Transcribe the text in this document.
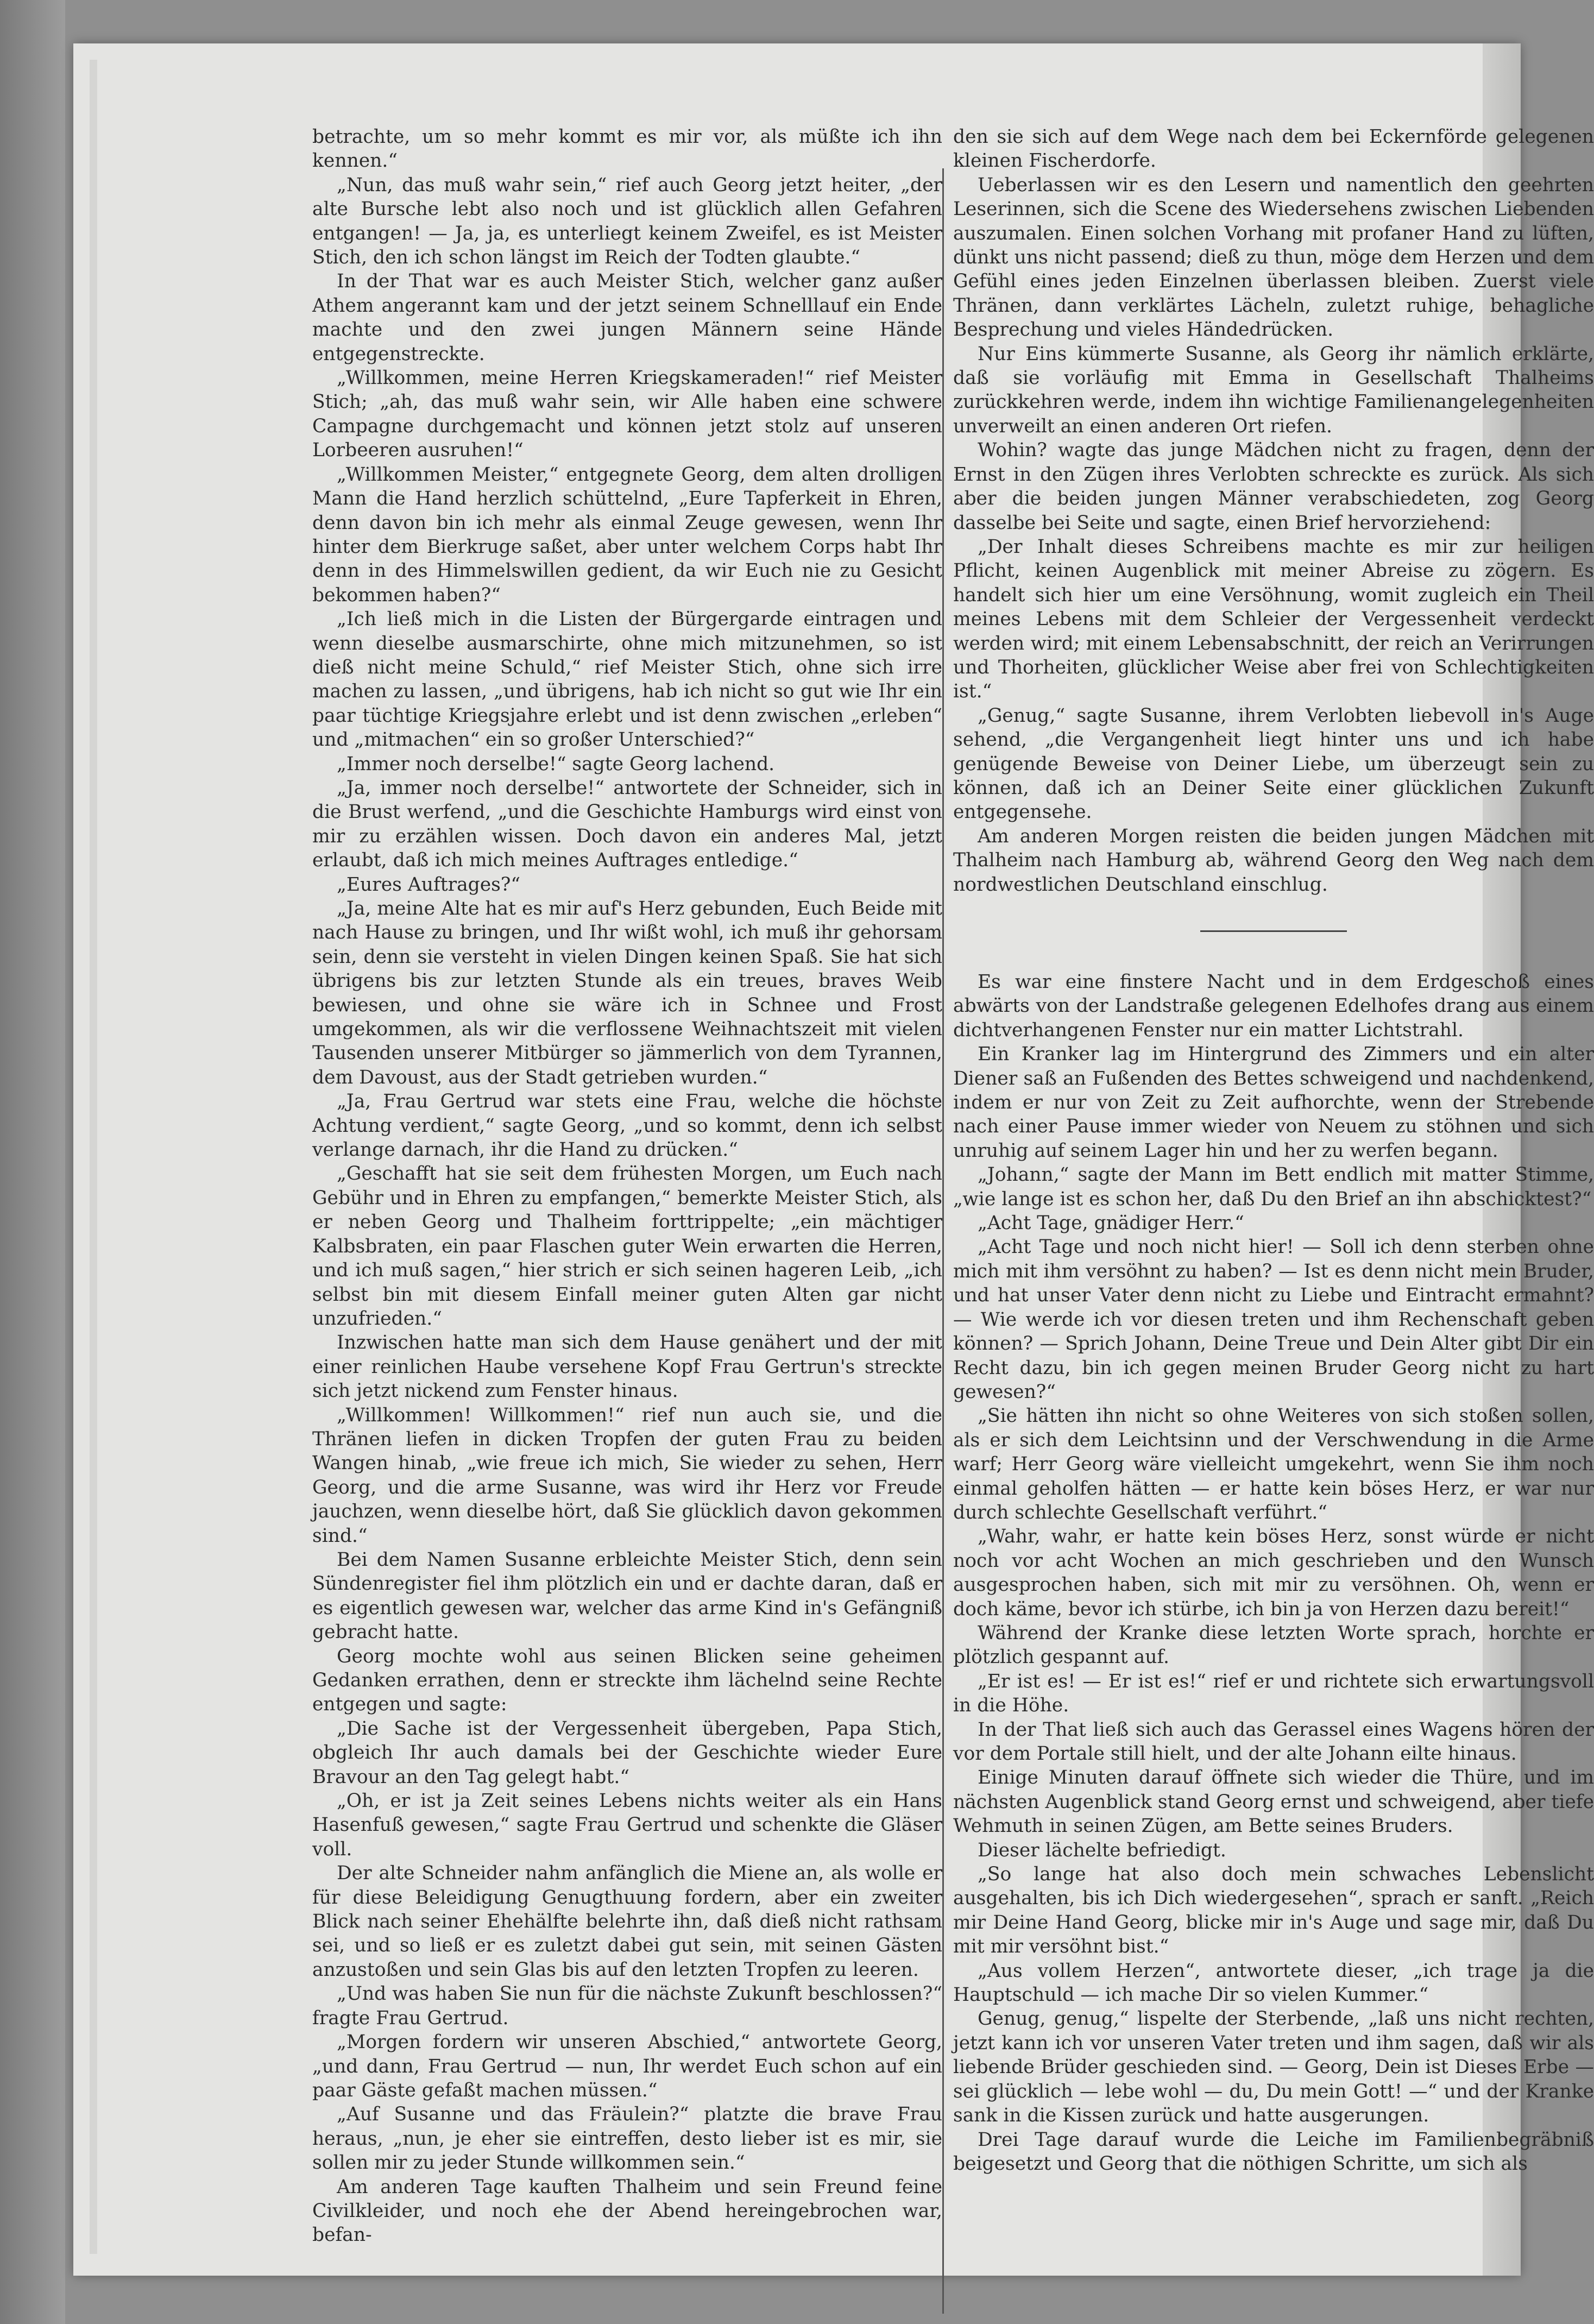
betrachte, um so mehr kommt es mir vor, als müßte ich ihn kennen.“

„Nun, das muß wahr sein,“ rief auch Georg jetzt heiter, „der alte Bursche lebt also noch und ist glücklich allen Gefahren entgangen! — Ja, ja, es unterliegt keinem Zweifel, es ist Meister Stich, den ich schon längst im Reich der Todten glaubte.“

In der That war es auch Meister Stich, welcher ganz außer Athem angerannt kam und der jetzt seinem Schnelllauf ein Ende machte und den zwei jungen Männern seine Hände entgegenstreckte.

„Willkommen, meine Herren Kriegskameraden!“ rief Meister Stich; „ah, das muß wahr sein, wir Alle haben eine schwere Campagne durchgemacht und können jetzt stolz auf unseren Lorbeeren ausruhen!“

„Willkommen Meister,“ entgegnete Georg, dem alten drolligen Mann die Hand herzlich schüttelnd, „Eure Tapferkeit in Ehren, denn davon bin ich mehr als einmal Zeuge gewesen, wenn Ihr hinter dem Bierkruge saßet, aber unter welchem Corps habt Ihr denn in des Himmelswillen gedient, da wir Euch nie zu Gesicht bekommen haben?“

„Ich ließ mich in die Listen der Bürgergarde eintragen und wenn dieselbe ausmarschirte, ohne mich mitzunehmen, so ist dieß nicht meine Schuld,“ rief Meister Stich, ohne sich irre machen zu lassen, „und übrigens, hab ich nicht so gut wie Ihr ein paar tüchtige Kriegsjahre erlebt und ist denn zwischen „erleben“ und „mitmachen“ ein so großer Unterschied?“

„Immer noch derselbe!“ sagte Georg lachend.

„Ja, immer noch derselbe!“ antwortete der Schneider, sich in die Brust werfend, „und die Geschichte Hamburgs wird einst von mir zu erzählen wissen. Doch davon ein anderes Mal, jetzt erlaubt, daß ich mich meines Auftrages entledige.“

„Eures Auftrages?“

„Ja, meine Alte hat es mir auf's Herz gebunden, Euch Beide mit nach Hause zu bringen, und Ihr wißt wohl, ich muß ihr gehorsam sein, denn sie versteht in vielen Dingen keinen Spaß. Sie hat sich übrigens bis zur letzten Stunde als ein treues, braves Weib bewiesen, und ohne sie wäre ich in Schnee und Frost umgekommen, als wir die verflossene Weihnachtszeit mit vielen Tausenden unserer Mitbürger so jämmerlich von dem Tyrannen, dem Davoust, aus der Stadt getrieben wurden.“

„Ja, Frau Gertrud war stets eine Frau, welche die höchste Achtung verdient,“ sagte Georg, „und so kommt, denn ich selbst verlange darnach, ihr die Hand zu drücken.“

„Geschafft hat sie seit dem frühesten Morgen, um Euch nach Gebühr und in Ehren zu empfangen,“ bemerkte Meister Stich, als er neben Georg und Thalheim forttrippelte; „ein mächtiger Kalbsbraten, ein paar Flaschen guter Wein erwarten die Herren, und ich muß sagen,“ hier strich er sich seinen hageren Leib, „ich selbst bin mit diesem Einfall meiner guten Alten gar nicht unzufrieden.“

Inzwischen hatte man sich dem Hause genähert und der mit einer reinlichen Haube versehene Kopf Frau Gertrun's streckte sich jetzt nickend zum Fenster hinaus.

„Willkommen! Willkommen!“ rief nun auch sie, und die Thränen liefen in dicken Tropfen der guten Frau zu beiden Wangen hinab, „wie freue ich mich, Sie wieder zu sehen, Herr Georg, und die arme Susanne, was wird ihr Herz vor Freude jauchzen, wenn dieselbe hört, daß Sie glücklich davon gekommen sind.“

Bei dem Namen Susanne erbleichte Meister Stich, denn sein Sündenregister fiel ihm plötzlich ein und er dachte daran, daß er es eigentlich gewesen war, welcher das arme Kind in's Gefängniß gebracht hatte.

Georg mochte wohl aus seinen Blicken seine geheimen Gedanken errathen, denn er streckte ihm lächelnd seine Rechte entgegen und sagte:

„Die Sache ist der Vergessenheit übergeben, Papa Stich, obgleich Ihr auch damals bei der Geschichte wieder Eure Bravour an den Tag gelegt habt.“

„Oh, er ist ja Zeit seines Lebens nichts weiter als ein Hans Hasenfuß gewesen,“ sagte Frau Gertrud und schenkte die Gläser voll.

Der alte Schneider nahm anfänglich die Miene an, als wolle er für diese Beleidigung Genugthuung fordern, aber ein zweiter Blick nach seiner Ehehälfte belehrte ihn, daß dieß nicht rathsam sei, und so ließ er es zuletzt dabei gut sein, mit seinen Gästen anzustoßen und sein Glas bis auf den letzten Tropfen zu leeren.

„Und was haben Sie nun für die nächste Zukunft beschlossen?“ fragte Frau Gertrud.

„Morgen fordern wir unseren Abschied,“ antwortete Georg, „und dann, Frau Gertrud — nun, Ihr werdet Euch schon auf ein paar Gäste gefaßt machen müssen.“

„Auf Susanne und das Fräulein?“ platzte die brave Frau heraus, „nun, je eher sie eintreffen, desto lieber ist es mir, sie sollen mir zu jeder Stunde willkommen sein.“

Am anderen Tage kauften Thalheim und sein Freund feine Civilkleider, und noch ehe der Abend hereingebrochen war, befan-

den sie sich auf dem Wege nach dem bei Eckernförde gelegenen kleinen Fischerdorfe.

Ueberlassen wir es den Lesern und namentlich den geehrten Leserinnen, sich die Scene des Wiedersehens zwischen Liebenden auszumalen. Einen solchen Vorhang mit profaner Hand zu lüften, dünkt uns nicht passend; dieß zu thun, möge dem Herzen und dem Gefühl eines jeden Einzelnen überlassen bleiben. Zuerst viele Thränen, dann verklärtes Lächeln, zuletzt ruhige, behagliche Besprechung und vieles Händedrücken.

Nur Eins kümmerte Susanne, als Georg ihr nämlich erklärte, daß sie vorläufig mit Emma in Gesellschaft Thalheims zurückkehren werde, indem ihn wichtige Familienangelegenheiten unverweilt an einen anderen Ort riefen.

Wohin? wagte das junge Mädchen nicht zu fragen, denn der Ernst in den Zügen ihres Verlobten schreckte es zurück. Als sich aber die beiden jungen Männer verabschiedeten, zog Georg dasselbe bei Seite und sagte, einen Brief hervorziehend:

„Der Inhalt dieses Schreibens machte es mir zur heiligen Pflicht, keinen Augenblick mit meiner Abreise zu zögern. Es handelt sich hier um eine Versöhnung, womit zugleich ein Theil meines Lebens mit dem Schleier der Vergessenheit verdeckt werden wird; mit einem Lebensabschnitt, der reich an Verirrungen und Thorheiten, glücklicher Weise aber frei von Schlechtigkeiten ist.“

„Genug,“ sagte Susanne, ihrem Verlobten liebevoll in's Auge sehend, „die Vergangenheit liegt hinter uns und ich habe genügende Beweise von Deiner Liebe, um überzeugt sein zu können, daß ich an Deiner Seite einer glücklichen Zukunft entgegensehe.

Am anderen Morgen reisten die beiden jungen Mädchen mit Thalheim nach Hamburg ab, während Georg den Weg nach dem nordwestlichen Deutschland einschlug.

Es war eine finstere Nacht und in dem Erdgeschoß eines abwärts von der Landstraße gelegenen Edelhofes drang aus einem dichtverhangenen Fenster nur ein matter Lichtstrahl.

Ein Kranker lag im Hintergrund des Zimmers und ein alter Diener saß an Fußenden des Bettes schweigend und nachdenkend, indem er nur von Zeit zu Zeit aufhorchte, wenn der Strebende nach einer Pause immer wieder von Neuem zu stöhnen und sich unruhig auf seinem Lager hin und her zu werfen begann.

„Johann,“ sagte der Mann im Bett endlich mit matter Stimme, „wie lange ist es schon her, daß Du den Brief an ihn abschicktest?“

„Acht Tage, gnädiger Herr.“

„Acht Tage und noch nicht hier! — Soll ich denn sterben ohne mich mit ihm versöhnt zu haben? — Ist es denn nicht mein Bruder, und hat unser Vater denn nicht zu Liebe und Eintracht ermahnt? — Wie werde ich vor diesen treten und ihm Rechenschaft geben können? — Sprich Johann, Deine Treue und Dein Alter gibt Dir ein Recht dazu, bin ich gegen meinen Bruder Georg nicht zu hart gewesen?“

„Sie hätten ihn nicht so ohne Weiteres von sich stoßen sollen, als er sich dem Leichtsinn und der Verschwendung in die Arme warf; Herr Georg wäre vielleicht umgekehrt, wenn Sie ihm noch einmal geholfen hätten — er hatte kein böses Herz, er war nur durch schlechte Gesellschaft verführt.“

„Wahr, wahr, er hatte kein böses Herz, sonst würde er nicht noch vor acht Wochen an mich geschrieben und den Wunsch ausgesprochen haben, sich mit mir zu versöhnen. Oh, wenn er doch käme, bevor ich stürbe, ich bin ja von Herzen dazu bereit!“

Während der Kranke diese letzten Worte sprach, horchte er plötzlich gespannt auf.

„Er ist es! — Er ist es!“ rief er und richtete sich erwartungsvoll in die Höhe.

In der That ließ sich auch das Gerassel eines Wagens hören der vor dem Portale still hielt, und der alte Johann eilte hinaus.

Einige Minuten darauf öffnete sich wieder die Thüre, und im nächsten Augenblick stand Georg ernst und schweigend, aber tiefe Wehmuth in seinen Zügen, am Bette seines Bruders.

Dieser lächelte befriedigt.

„So lange hat also doch mein schwaches Lebenslicht ausgehalten, bis ich Dich wiedergesehen“, sprach er sanft. „Reich mir Deine Hand Georg, blicke mir in's Auge und sage mir, daß Du mit mir versöhnt bist.“

„Aus vollem Herzen“, antwortete dieser, „ich trage ja die Hauptschuld — ich mache Dir so vielen Kummer.“

Genug, genug,“ lispelte der Sterbende, „laß uns nicht rechten, jetzt kann ich vor unseren Vater treten und ihm sagen, daß wir als liebende Brüder geschieden sind. — Georg, Dein ist Dieses Erbe — sei glücklich — lebe wohl — du, Du mein Gott! —“ und der Kranke sank in die Kissen zurück und hatte ausgerungen.

Drei Tage darauf wurde die Leiche im Familienbegräbniß beigesetzt und Georg that die nöthigen Schritte, um sich als
